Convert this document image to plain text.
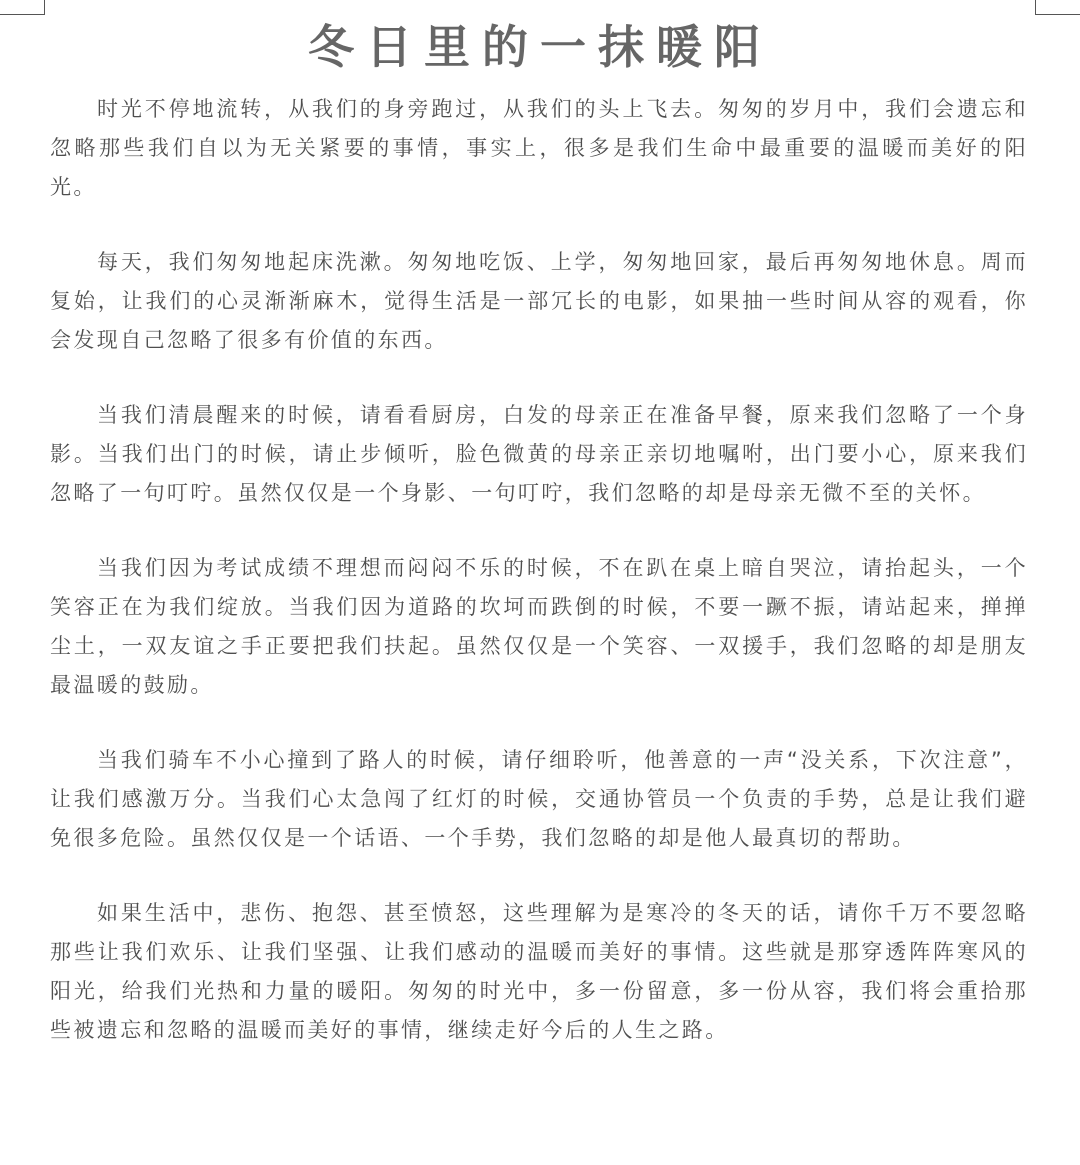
冬日里的一抹暖阳

时光不停地流转，从我们的身旁跑过，从我们的头上飞去。匆匆的岁月中，我们会遗忘和忽略那些我们自以为无关紧要的事情，事实上，很多是我们生命中最重要的温暖而美好的阳光。

每天，我们匆匆地起床洗漱。匆匆地吃饭、上学，匆匆地回家，最后再匆匆地休息。周而复始，让我们的心灵渐渐麻木，觉得生活是一部冗长的电影，如果抽一些时间从容的观看，你会发现自己忽略了很多有价值的东西。

当我们清晨醒来的时候，请看看厨房，白发的母亲正在准备早餐，原来我们忽略了一个身影。当我们出门的时候，请止步倾听，脸色微黄的母亲正亲切地嘱咐，出门要小心，原来我们忽略了一句叮咛。虽然仅仅是一个身影、一句叮咛，我们忽略的却是母亲无微不至的关怀。

当我们因为考试成绩不理想而闷闷不乐的时候，不在趴在桌上暗自哭泣，请抬起头，一个笑容正在为我们绽放。当我们因为道路的坎坷而跌倒的时候，不要一蹶不振，请站起来，掸掸尘土，一双友谊之手正要把我们扶起。虽然仅仅是一个笑容、一双援手，我们忽略的却是朋友最温暖的鼓励。

当我们骑车不小心撞到了路人的时候，请仔细聆听，他善意的一声“没关系，下次注意”，让我们感激万分。当我们心太急闯了红灯的时候，交通协管员一个负责的手势，总是让我们避免很多危险。虽然仅仅是一个话语、一个手势，我们忽略的却是他人最真切的帮助。

如果生活中，悲伤、抱怨、甚至愤怒，这些理解为是寒冷的冬天的话，请你千万不要忽略那些让我们欢乐、让我们坚强、让我们感动的温暖而美好的事情。这些就是那穿透阵阵寒风的阳光，给我们光热和力量的暖阳。匆匆的时光中，多一份留意，多一份从容，我们将会重拾那些被遗忘和忽略的温暖而美好的事情，继续走好今后的人生之路。
